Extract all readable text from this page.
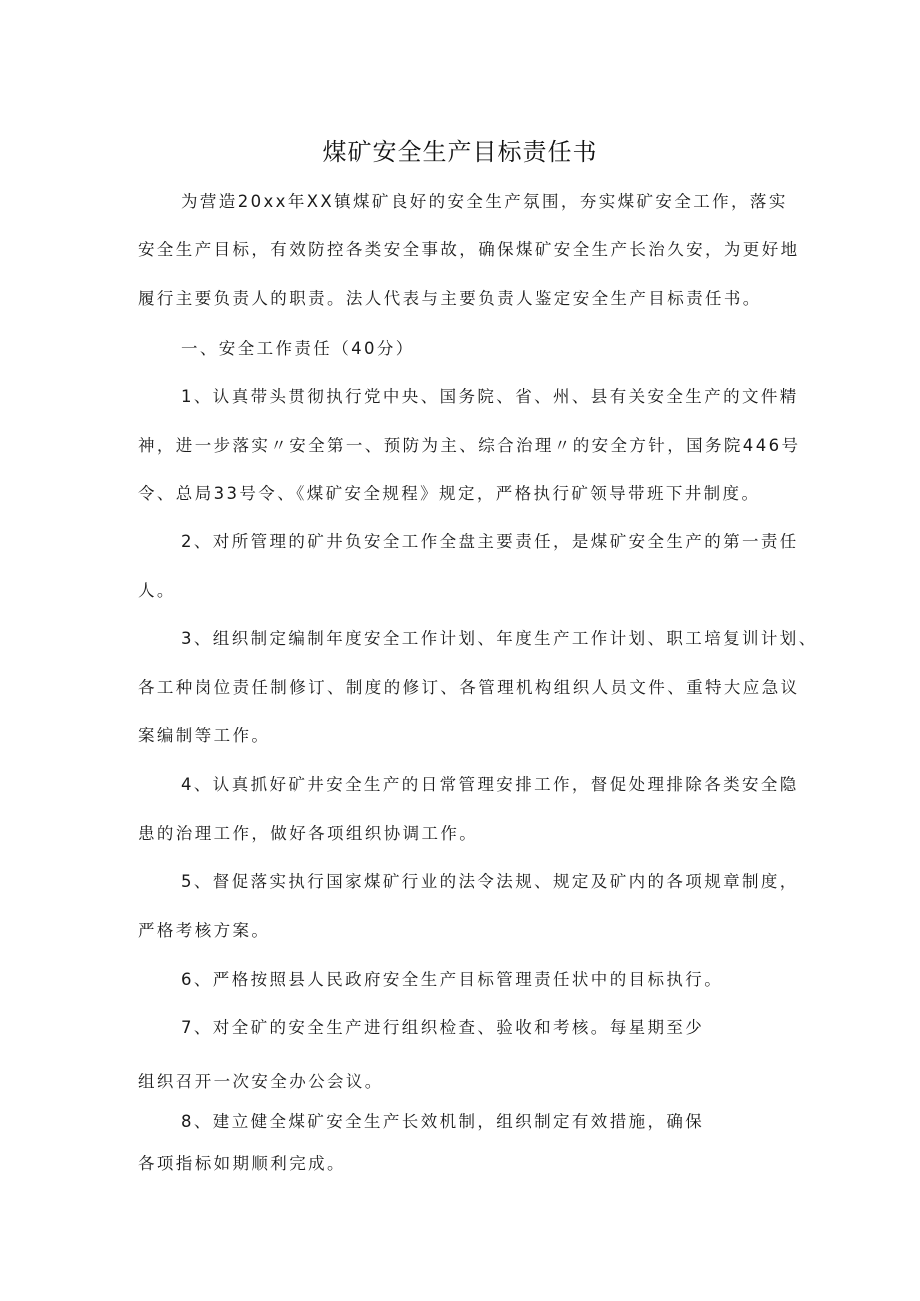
煤矿安全生产目标责任书
为营造20xx年XX镇煤矿良好的安全生产氛围，夯实煤矿安全工作，落实
安全生产目标，有效防控各类安全事故，确保煤矿安全生产长治久安，为更好地
履行主要负责人的职责。法人代表与主要负责人鉴定安全生产目标责任书。
一、安全工作责任（40分）
1、认真带头贯彻执行党中央、国务院、省、州、县有关安全生产的文件精
神，进一步落实〃安全第一、预防为主、综合治理〃的安全方针，国务院446号
令、总局33号令、《煤矿安全规程》规定，严格执行矿领导带班下井制度。
2、对所管理的矿井负安全工作全盘主要责任，是煤矿安全生产的第一责任
人。
3、组织制定编制年度安全工作计划、年度生产工作计划、职工培复训计划、
各工种岗位责任制修订、制度的修订、各管理机构组织人员文件、重特大应急议
案编制等工作。
4、认真抓好矿井安全生产的日常管理安排工作，督促处理排除各类安全隐
患的治理工作，做好各项组织协调工作。
5、督促落实执行国家煤矿行业的法令法规、规定及矿内的各项规章制度，
严格考核方案。
6、严格按照县人民政府安全生产目标管理责任状中的目标执行。
7、对全矿的安全生产进行组织检查、验收和考核。每星期至少
组织召开一次安全办公会议。
8、建立健全煤矿安全生产长效机制，组织制定有效措施，确保
各项指标如期顺利完成。
